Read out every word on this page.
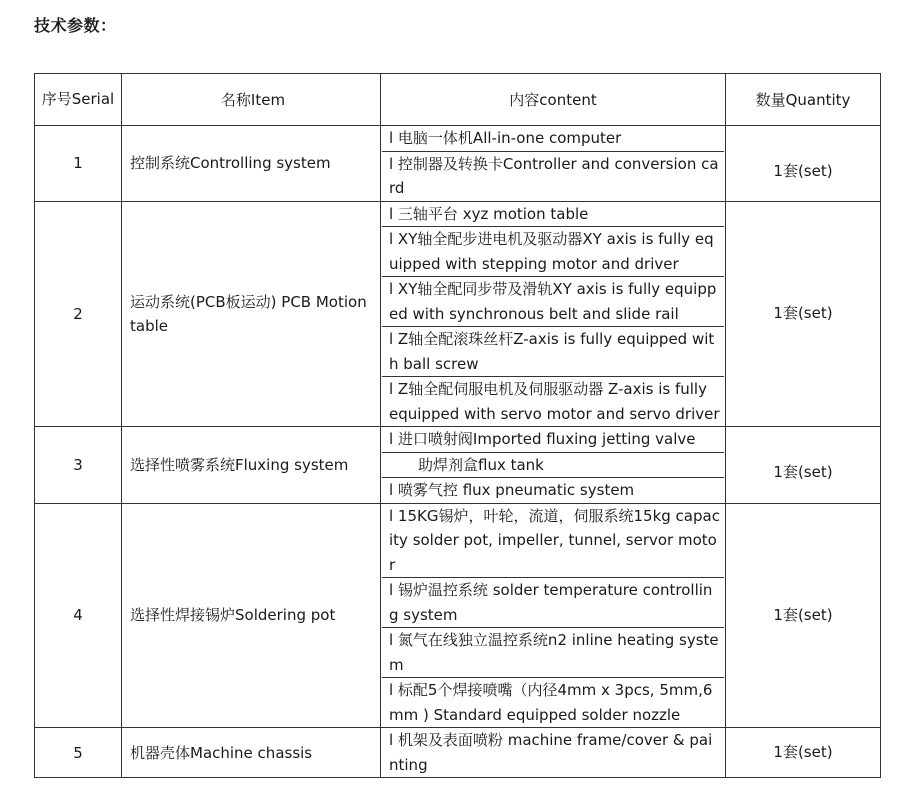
技术参数：
序号Serial	名称Item	内容content	数量Quantity
1	控制系统Controlling system	l 电脑一体机All-in-one computer
l 控制器及转换卡Controller and conversion card	1套(set)
2	运动系统(PCB板运动) PCB Motion table	l 三轴平台 xyz motion table
l XY轴全配步进电机及驱动器XY axis is fully equipped with stepping motor and driver
l XY轴全配同步带及滑轨XY axis is fully equipped with synchronous belt and slide rail
l Z轴全配滚珠丝杆Z-axis is fully equipped with ball screw
l Z轴全配伺服电机及伺服驱动器 Z-axis is fully equipped with servo motor and servo driver	1套(set)
3	选择性喷雾系统Fluxing system	l 进口喷射阀Imported fluxing jetting valve
助焊剂盒flux tank
l 喷雾气控 flux pneumatic system	1套(set)
4	选择性焊接锡炉Soldering pot	l 15KG锡炉，叶轮，流道，伺服系统15kg capacity solder pot, impeller, tunnel, servor motor
l 锡炉温控系统 solder temperature controlling system
l 氮气在线独立温控系统n2 inline heating system
l 标配5个焊接喷嘴（内径4mm x 3pcs, 5mm,6mm ) Standard equipped solder nozzle	1套(set)
5	机器壳体Machine chassis	l 机架及表面喷粉 machine frame/cover & painting	1套(set)
